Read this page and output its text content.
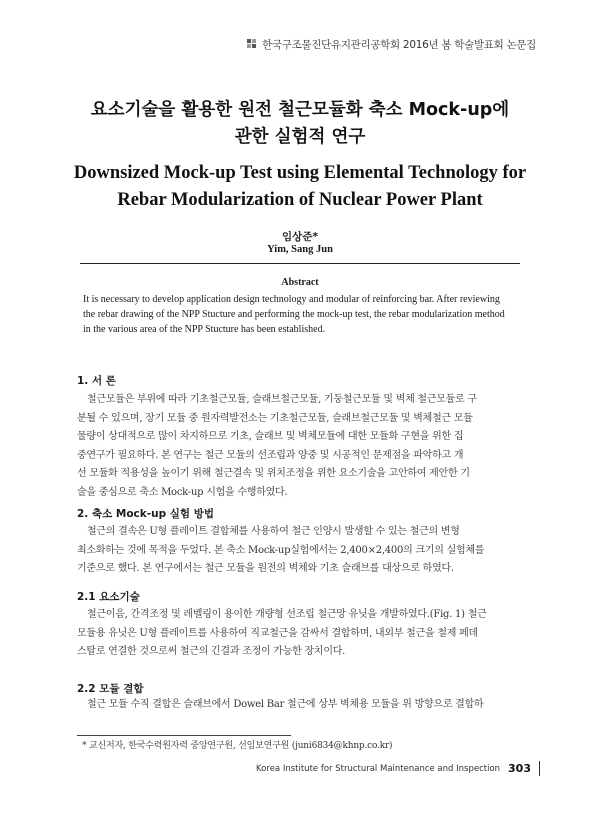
한국구조물진단유지관리공학회 2016년 봄 학술발표회 논문집
요소기술을 활용한 원전 철근모듈화 축소 Mock-up에
관한 실험적 연구
Downsized Mock-up Test using Elemental Technology for
Rebar Modularization of Nuclear Power Plant
임상준*
Yim, Sang Jun
Abstract
It is necessary to develop application design technology and modular of reinforcing bar. After reviewing
the rebar drawing of the NPP Stucture and performing the mock-up test, the rebar modularization method
in the various area of the NPP Stucture has been established.
1. 서 론
철근모듈은 부위에 따라 기초철근모듈, 슬래브철근모듈, 기둥철근모듈 및 벽체 철근모듈로 구
분될 수 있으며, 장기 모듈 중 원자력발전소는 기초철근모듈, 슬래브철근모듈 및 벽체철근 모듈
물량이 상대적으로 많이 차지하므로 기초, 슬래브 및 벽체모듈에 대한 모듈화 구현을 위한 집
중연구가 필요하다. 본 연구는 철근 모듈의 선조립과 양중 및 시공적인 문제점을 파악하고 개
선 모듈화 적용성을 높이기 위해 철근결속 및 위치조정을 위한 요소기술을 고안하여 제안한 기
술을 중심으로 축소 Mock-up 시험을 수행하였다.
2. 축소 Mock-up 실험 방법
철근의 결속은 U형 플레이트 결합체를 사용하여 철근 인양시 발생할 수 있는 철근의 변형
최소화하는 것에 목적을 두었다. 본 축소 Mock-up실험에서는 2,400×2,400의 크기의 실험체를
기준으로 했다. 본 연구에서는 철근 모듈을 원전의 벽체와 기초 슬래브를 대상으로 하였다.
2.1 요소기술
철근이음, 간격조정 및 레벨링이 용이한 개량형 선조립 철근망 유닛을 개발하였다.(Fig. 1) 철근
모듈용 유닛은 U형 플레이트를 사용하여 직교철근을 감싸서 결합하며, 내외부 철근을 철제 페데
스탈로 연결한 것으로써 철근의 긴결과 조정이 가능한 장치이다.
2.2 모듈 결합
철근 모듈 수직 결합은 슬래브에서 Dowel Bar 철근에 상부 벽체용 모듈을 위 방향으로 결합하
* 교신저자, 한국수력원자력 중앙연구원, 선임보연구원 (juni6834@khnp.co.kr)
Korea Institute for Structural Maintenance and Inspection 303
